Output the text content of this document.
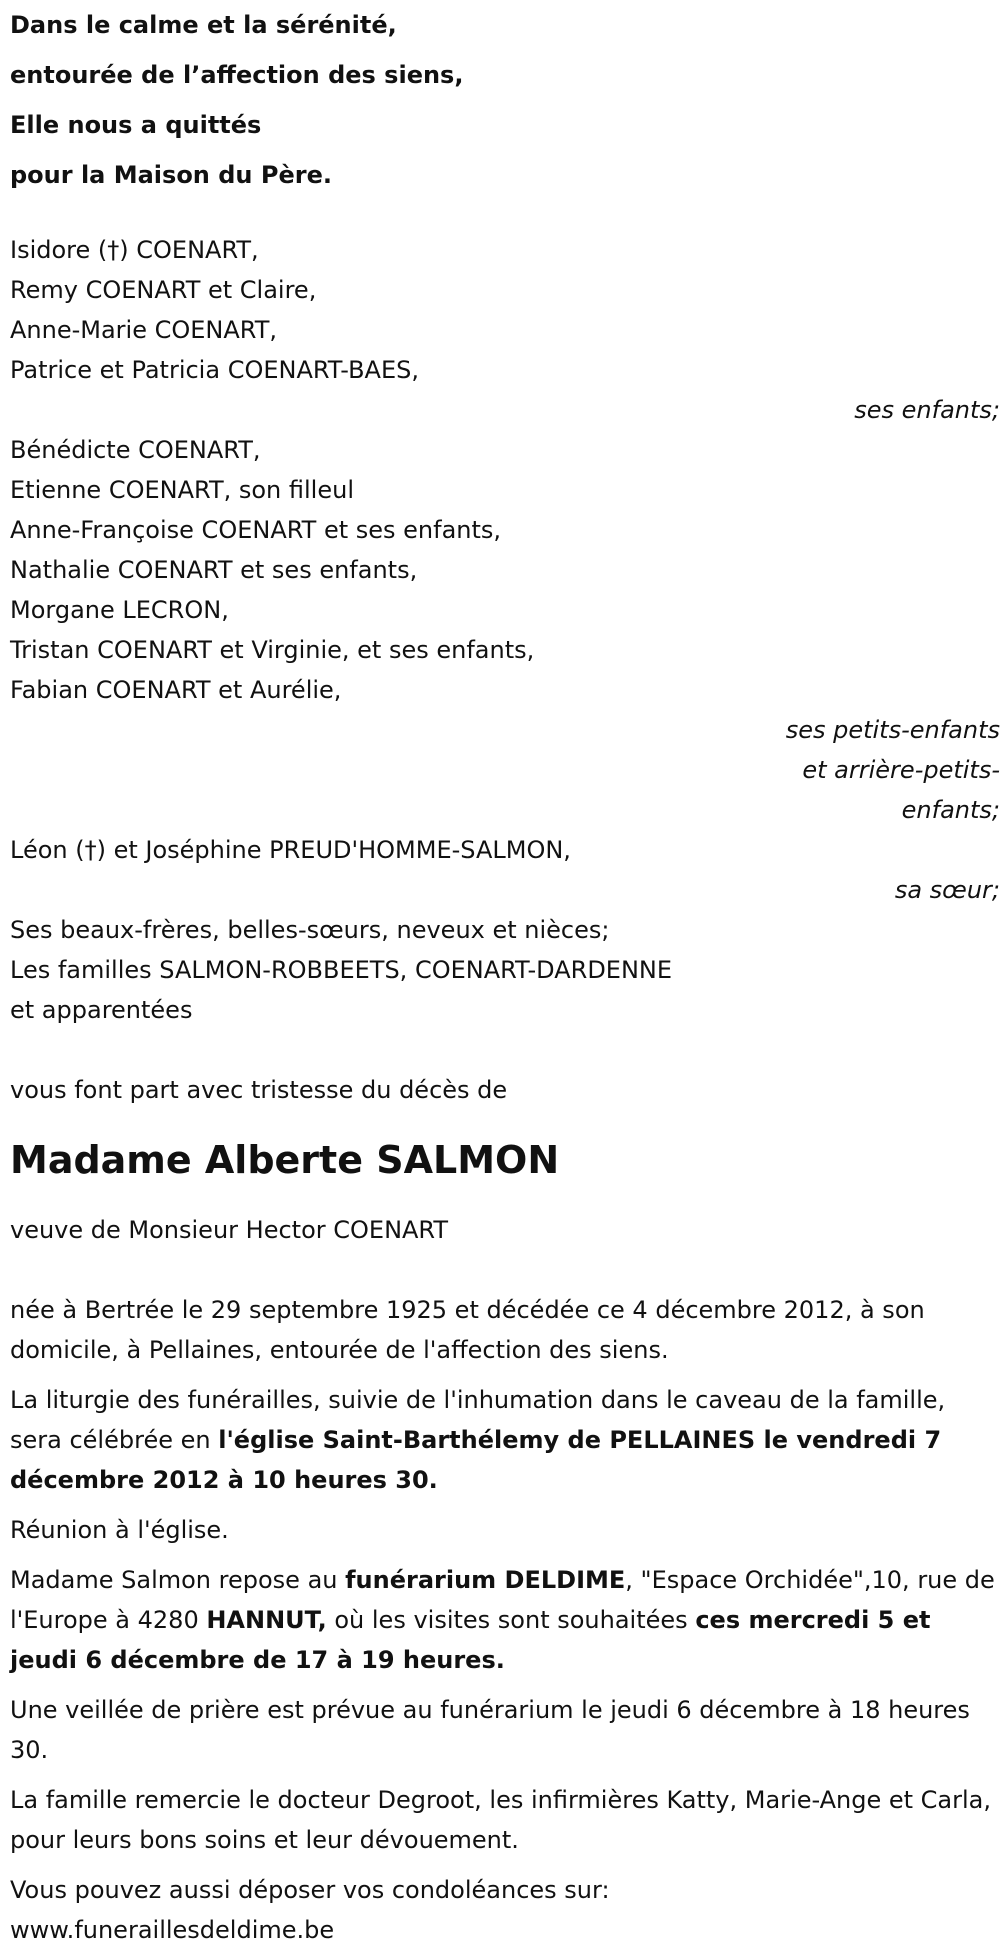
Dans le calme et la sérénité,

entourée de l’affection des siens,

Elle nous a quittés

pour la Maison du Père.

Isidore (†) COENART,

Remy COENART et Claire,

Anne-Marie COENART,

Patrice et Patricia COENART-BAES,

ses enfants;

Bénédicte COENART,

Etienne COENART, son filleul

Anne-Françoise COENART et ses enfants,

Nathalie COENART et ses enfants,

Morgane LECRON,

Tristan COENART et Virginie, et ses enfants,

Fabian COENART et Aurélie,

ses petits-enfants

et arrière-petits-

enfants;

Léon (†) et Joséphine PREUD'HOMME-SALMON,

sa sœur;

Ses beaux-frères, belles-sœurs, neveux et nièces;

Les familles SALMON-ROBBEETS, COENART-DARDENNE

et apparentées

vous font part avec tristesse du décès de

Madame Alberte SALMON

veuve de Monsieur Hector COENART

née à Bertrée le 29 septembre 1925 et décédée ce 4 décembre 2012, à son domicile, à Pellaines, entourée de l'affection des siens.

La liturgie des funérailles, suivie de l'inhumation dans le caveau de la famille, sera célébrée en l'église Saint-Barthélemy de PELLAINES le vendredi 7 décembre 2012 à 10 heures 30.

Réunion à l'église.

Madame Salmon repose au funérarium DELDIME, "Espace Orchidée",10, rue de l'Europe à 4280 HANNUT, où les visites sont souhaitées ces mercredi 5 et jeudi 6 décembre de 17 à 19 heures.

Une veillée de prière est prévue au funérarium le jeudi 6 décembre à 18 heures 30.

La famille remercie le docteur Degroot, les infirmières Katty, Marie-Ange et Carla, pour leurs bons soins et leur dévouement.

Vous pouvez aussi déposer vos condoléances sur:

www.funeraillesdeldime.be
